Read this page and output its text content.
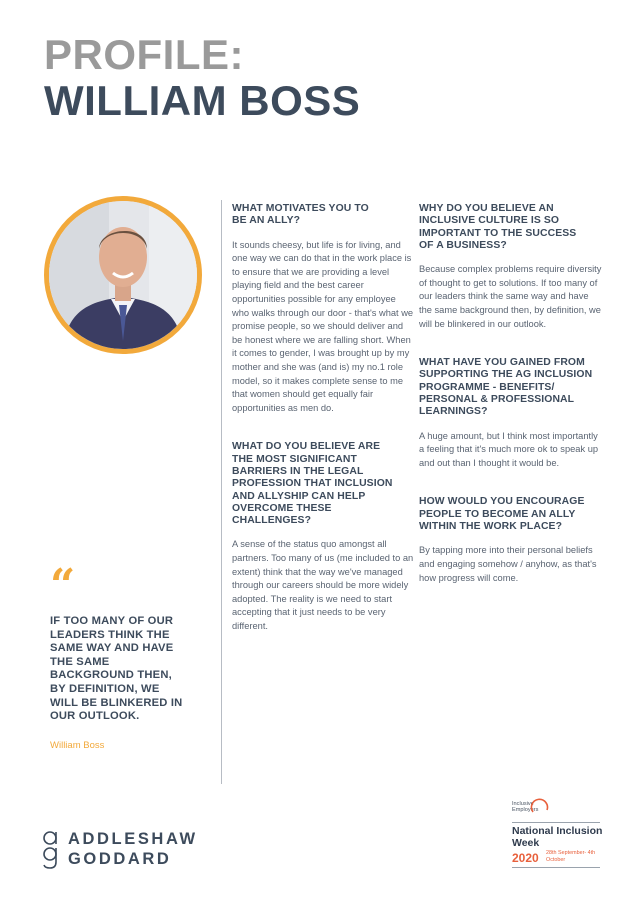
PROFILE:
WILLIAM BOSS

WHAT MOTIVATES YOU TO BE AN ALLY?

It sounds cheesy, but life is for living, and one way we can do that in the work place is to ensure that we are providing a level playing field and the best career opportunities possible for any employee who walks through our door - that's what we promise people, so we should deliver and be honest where we are falling short. When it comes to gender, I was brought up by my mother and she was (and is) my no.1 role model, so it makes complete sense to me that women should get equally fair opportunities as men do.

WHAT DO YOU BELIEVE ARE THE MOST SIGNIFICANT BARRIERS IN THE LEGAL PROFESSION THAT INCLUSION AND ALLYSHIP CAN HELP OVERCOME THESE CHALLENGES?

A sense of the status quo amongst all partners. Too many of us (me included to an extent) think that the way we've managed through our careers should be more widely adopted. The reality is we need to start accepting that it just needs to be very different.

WHY DO YOU BELIEVE AN INCLUSIVE CULTURE IS SO IMPORTANT TO THE SUCCESS OF A BUSINESS?

Because complex problems require diversity of thought to get to solutions. If too many of our leaders think the same way and have the same background then, by definition, we will be blinkered in our outlook.

WHAT HAVE YOU GAINED FROM SUPPORTING THE AG INCLUSION PROGRAMME - BENEFITS/ PERSONAL & PROFESSIONAL LEARNINGS?

A huge amount, but I think most importantly a feeling that it's much more ok to speak up and out than I thought it would be.

HOW WOULD YOU ENCOURAGE PEOPLE TO BECOME AN ALLY WITHIN THE WORK PLACE?

By tapping more into their personal beliefs and engaging somehow / anyhow, as that's how progress will come.

“

IF TOO MANY OF OUR LEADERS THINK THE SAME WAY AND HAVE THE SAME BACKGROUND THEN, BY DEFINITION, WE WILL BE BLINKERED IN OUR OUTLOOK.

William Boss

ADDLESHAW

GODDARD

Inclusive Employers
National Inclusion Week
2020 28th September- 4th October
